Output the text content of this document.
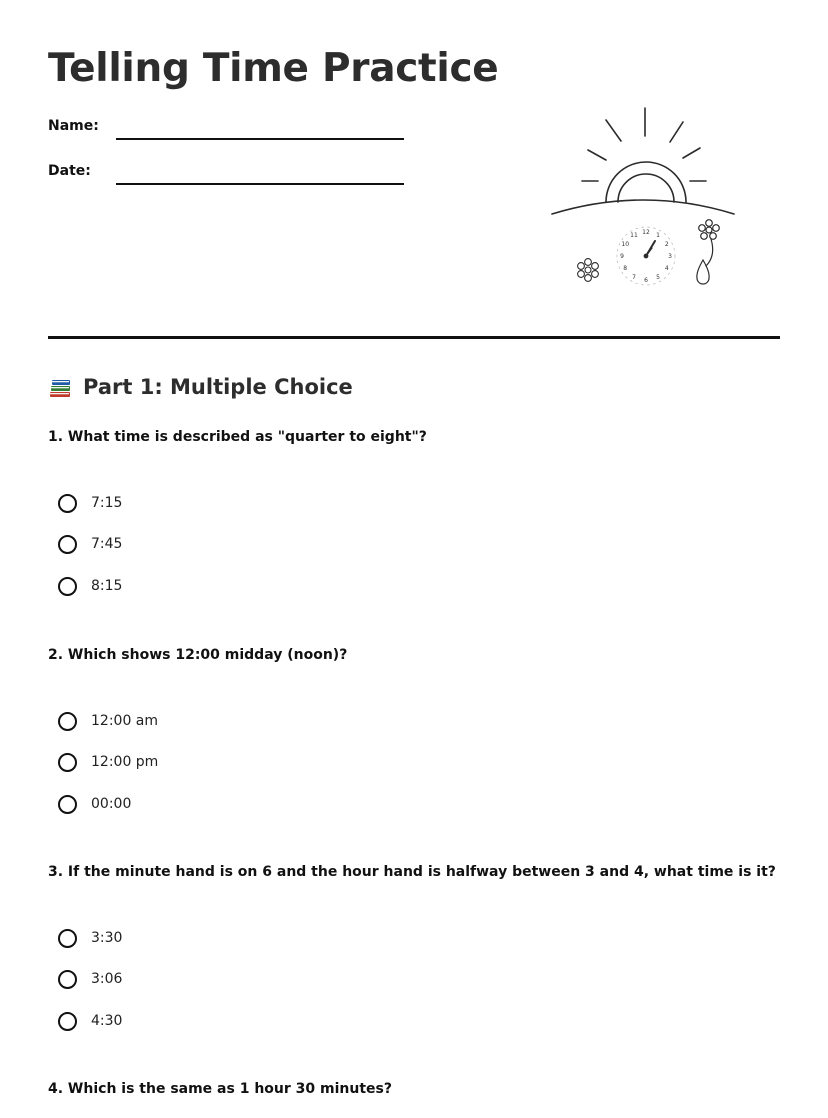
Telling Time Practice
Name:
Date:
10
11 12 1
2
3
4
5
6
7
8
9
Part 1: Multiple Choice

1. What time is described as "quarter to eight"?

7:15
7:45
8:15

2. Which shows 12:00 midday (noon)?

12:00 am
12:00 pm
00:00

3. If the minute hand is on 6 and the hour hand is halfway between 3 and 4, what time is it?

3:30
3:06
4:30

4. Which is the same as 1 hour 30 minutes?
